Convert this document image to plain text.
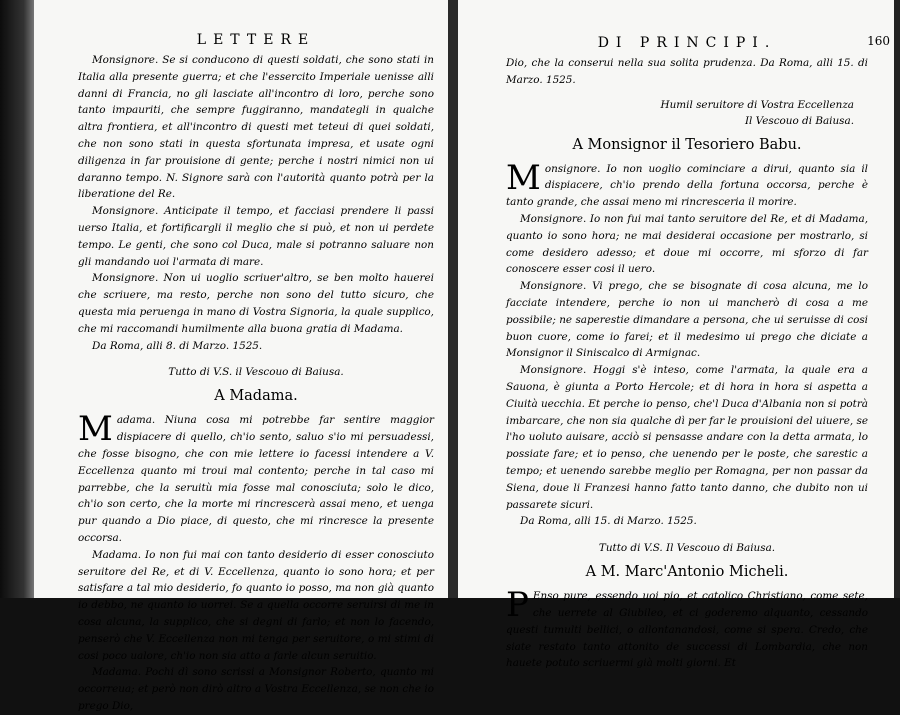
LETTERE

Monsignore. Se si conducono di questi soldati, che sono stati in Italia alla presente guerra; et che l'essercito Imperiale uenisse alli danni di Francia, no gli lasciate all'incontro di loro, perche sono tanto impauriti, che sempre fuggiranno, mandategli in qualche altra frontiera, et all'incontro di questi met teteui di quei soldati, che non sono stati in questa sfortunata impresa, et usate ogni diligenza in far prouisione di gente; perche i nostri nimici non ui daranno tempo. N. Signore sarà con l'autorità quanto potrà per la liberatione del Re.

Monsignore. Anticipate il tempo, et facciasi prendere li passi uerso Italia, et fortificargli il meglio che si può, et non ui perdete tempo. Le genti, che sono col Duca, male si potranno saluare non gli mandando uoi l'armata di mare.

Monsignore. Non ui uoglio scriuer'altro, se ben molto hauerei che scriuere, ma resto, perche non sono del tutto sicuro, che questa mia peruenga in mano di Vostra Signoria, la quale supplico, che mi raccomandi humilmente alla buona gratia di Madama.

Da Roma, alli 8. di Marzo. 1525.
Tutto di V.S. il Vescouo di Baiusa.
A Madama.

Madama. Niuna cosa mi potrebbe far sentire maggior dispiacere di quello, ch'io sento, saluo s'io mi persuadessi, che fosse bisogno, che con mie lettere io facessi intendere a V. Eccellenza quanto mi troui mal contento; perche in tal caso mi parrebbe, che la seruitù mia fosse mal conosciuta; solo le dico, ch'io son certo, che la morte mi rincrescerà assai meno, et uenga pur quando a Dio piace, di questo, che mi rincresce la presente occorsa.

Madama. Io non fui mai con tanto desiderio di esser conosciuto seruitore del Re, et di V. Eccellenza, quanto io sono hora; et per satisfare a tal mio desiderio, fo quanto io posso, ma non già quanto io debbo, ne quanto io uorrei. Se a quella occorre seruirsi di me in cosa alcuna, la supplico, che si degni di farlo; et non lo facendo, penserò che V. Eccellenza non mi tenga per seruitore, o mi stimi di cosi poco ualore, ch'io non sia atto a farle alcun seruitio.

Madama. Pochi dì sono scrissi a Monsignor Roberto, quanto mi occorreua; et però non dirò altro a Vostra Eccellenza, se non che io prego Dio,

DI PRINCIPI.	160

Dio, che la conserui nella sua solita prudenza. Da Roma, alli 15. di Marzo. 1525.

Humil seruitore di Vostra Eccellenza
Il Vescouo di Baiusa.
A Monsignor il Tesoriero Babu.

Monsignore. Io non uoglio cominciare a dirui, quanto sia il dispiacere, ch'io prendo della fortuna occorsa, perche è tanto grande, che assai meno mi rincresceria il morire.

Monsignore. Io non fui mai tanto seruitore del Re, et di Madama, quanto io sono hora; ne mai desiderai occasione per mostrarlo, si come desidero adesso; et doue mi occorre, mi sforzo di far conoscere esser cosi il uero.

Monsignore. Vi prego, che se bisognate di cosa alcuna, me lo facciate intendere, perche io non ui mancherò di cosa a me possibile; ne saperestie dimandare a persona, che ui seruisse di cosi buon cuore, come io farei; et il medesimo ui prego che diciate a Monsignor il Siniscalco di Armignac.

Monsignore. Hoggi s'è inteso, come l'armata, la quale era a Sauona, è giunta a Porto Hercole; et di hora in hora si aspetta a Ciuità uecchia. Et perche io penso, che'l Duca d'Albania non si potrà imbarcare, che non sia qualche dì per far le prouisioni del uiuere, se l'ho uoluto auisare, acciò si pensasse andare con la detta armata, lo possiate fare; et io penso, che uenendo per le poste, che sarestic a tempo; et uenendo sarebbe meglio per Romagna, per non passar da Siena, doue li Franzesi hanno fatto tanto danno, che dubito non ui passarete sicuri.

Da Roma, alli 15. di Marzo. 1525.
Tutto di V.S. Il Vescouo di Baiusa.
A M. Marc'Antonio Micheli.

P Enso pure, essendo uoi pio, et catolico Christiano, come sete, che uerrete al Giubileo, et ci goderemo alquanto, cessando questi tumulti bellici, o allontanandosi, come si spera. Credo, che siate restato tanto attonito de successi di Lombardia, che non hauete potuto scriuermi già molti giorni. Et
